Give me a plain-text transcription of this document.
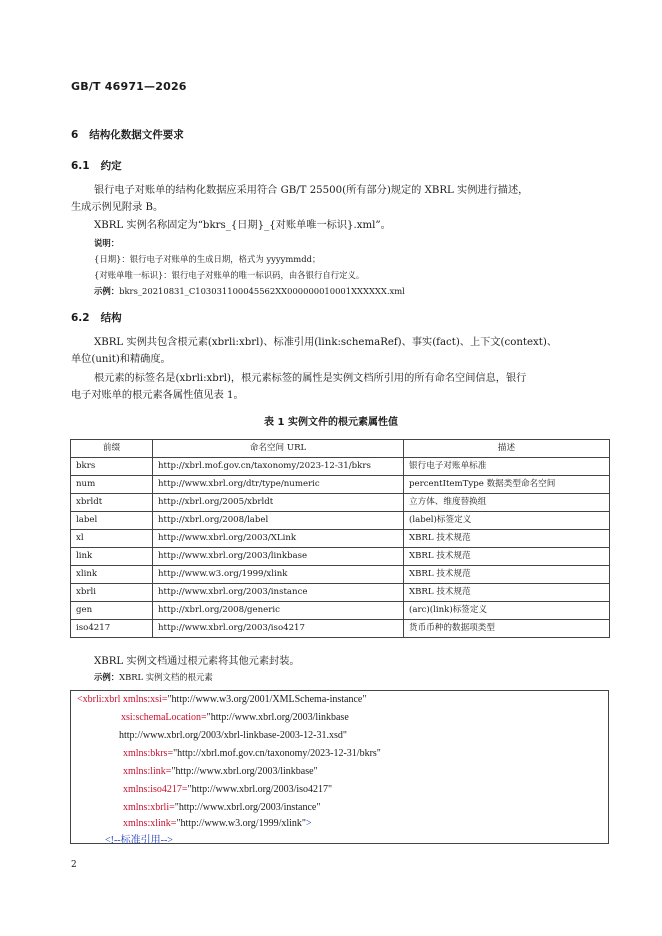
GB/T 46971—2026
6 结构化数据文件要求
6.1 约定
银行电子对账单的结构化数据应采用符合 GB/T 25500(所有部分)规定的 XBRL 实例进行描述，
生成示例见附录 B。
XBRL 实例名称固定为“bkrs_{日期}_{对账单唯一标识}.xml”。
说明：
{日期}：银行电子对账单的生成日期，格式为 yyyymmdd；
{对账单唯一标识}：银行电子对账单的唯一标识码，由各银行自行定义。
示例：bkrs_20210831_C103031100045562XX000000010001XXXXXX.xml
6.2 结构
XBRL 实例共包含根元素(xbrli:xbrl)、标准引用(link:schemaRef)、事实(fact)、上下文(context)、
单位(unit)和精确度。
根元素的标签名是(xbrli:xbrl)，根元素标签的属性是实例文档所引用的所有命名空间信息，银行
电子对账单的根元素各属性值见表 1。
表 1 实例文件的根元素属性值
前缀	命名空间 URL	描述
bkrs	http://xbrl.mof.gov.cn/taxonomy/2023-12-31/bkrs	银行电子对账单标准
num	http://www.xbrl.org/dtr/type/numeric	percentItemType 数据类型命名空间
xbrldt	http://xbrl.org/2005/xbrldt	立方体、维度替换组
label	http://xbrl.org/2008/label	(label)标签定义
xl	http://www.xbrl.org/2003/XLink	XBRL 技术规范
link	http://www.xbrl.org/2003/linkbase	XBRL 技术规范
xlink	http://www.w3.org/1999/xlink	XBRL 技术规范
xbrli	http://www.xbrl.org/2003/instance	XBRL 技术规范
gen	http://xbrl.org/2008/generic	(arc)(link)标签定义
iso4217	http://www.xbrl.org/2003/iso4217	货币币种的数据项类型
XBRL 实例文档通过根元素将其他元素封装。
示例：XBRL 实例文档的根元素
<xbrli:xbrl xmlns:xsi="http://www.w3.org/2001/XMLSchema-instance"
xsi:schemaLocation="http://www.xbrl.org/2003/linkbase
http://www.xbrl.org/2003/xbrl-linkbase-2003-12-31.xsd"
xmlns:bkrs="http://xbrl.mof.gov.cn/taxonomy/2023-12-31/bkrs"
xmlns:link="http://www.xbrl.org/2003/linkbase"
xmlns:iso4217="http://www.xbrl.org/2003/iso4217"
xmlns:xbrli="http://www.xbrl.org/2003/instance"
xmlns:xlink="http://www.w3.org/1999/xlink">
<!--标准引用-->
2
